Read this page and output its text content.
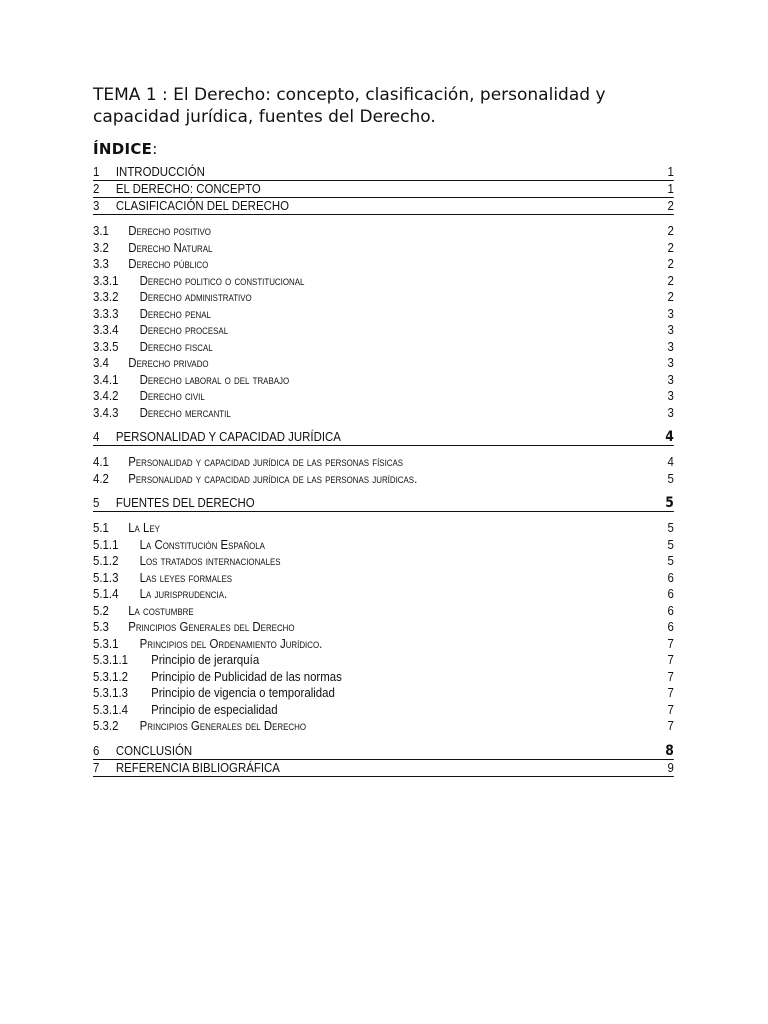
TEMA 1 : El Derecho: concepto, clasificación, personalidad y capacidad jurídica, fuentes del Derecho.
ÍNDICE:
1	INTRODUCCIÓN	1
2	EL DERECHO: CONCEPTO	1
3	CLASIFICACIÓN DEL DERECHO	2
3.1	Derecho positivo	2
3.2	Derecho Natural	2
3.3	Derecho público	2
3.3.1	Derecho politico o constitucional	2
3.3.2	Derecho administrativo	2
3.3.3	Derecho penal	3
3.3.4	Derecho procesal	3
3.3.5	Derecho fiscal	3
3.4	Derecho privado	3
3.4.1	Derecho laboral o del trabajo	3
3.4.2	Derecho civil	3
3.4.3	Derecho mercantil	3
4	PERSONALIDAD Y CAPACIDAD JURÍDICA	4
4.1	Personalidad y capacidad jurídica de las personas físicas	4
4.2	Personalidad y capacidad jurídica de las personas jurídicas.	5
5	FUENTES DEL DERECHO	5
5.1	La Ley	5
5.1.1	La Constitución Española	5
5.1.2	Los tratados internacionales	5
5.1.3	Las leyes formales	6
5.1.4	La jurisprudencia.	6
5.2	La costumbre	6
5.3	Principios Generales del Derecho	6
5.3.1	Principios del Ordenamiento Jurídico.	7
5.3.1.1	Principio de jerarquía	7
5.3.1.2	Principio de Publicidad de las normas	7
5.3.1.3	Principio de vigencia o temporalidad	7
5.3.1.4	Principio de especialidad	7
5.3.2	Principios Generales del Derecho	7
6	CONCLUSIÓN	8
7	REFERENCIA BIBLIOGRÁFICA	9
